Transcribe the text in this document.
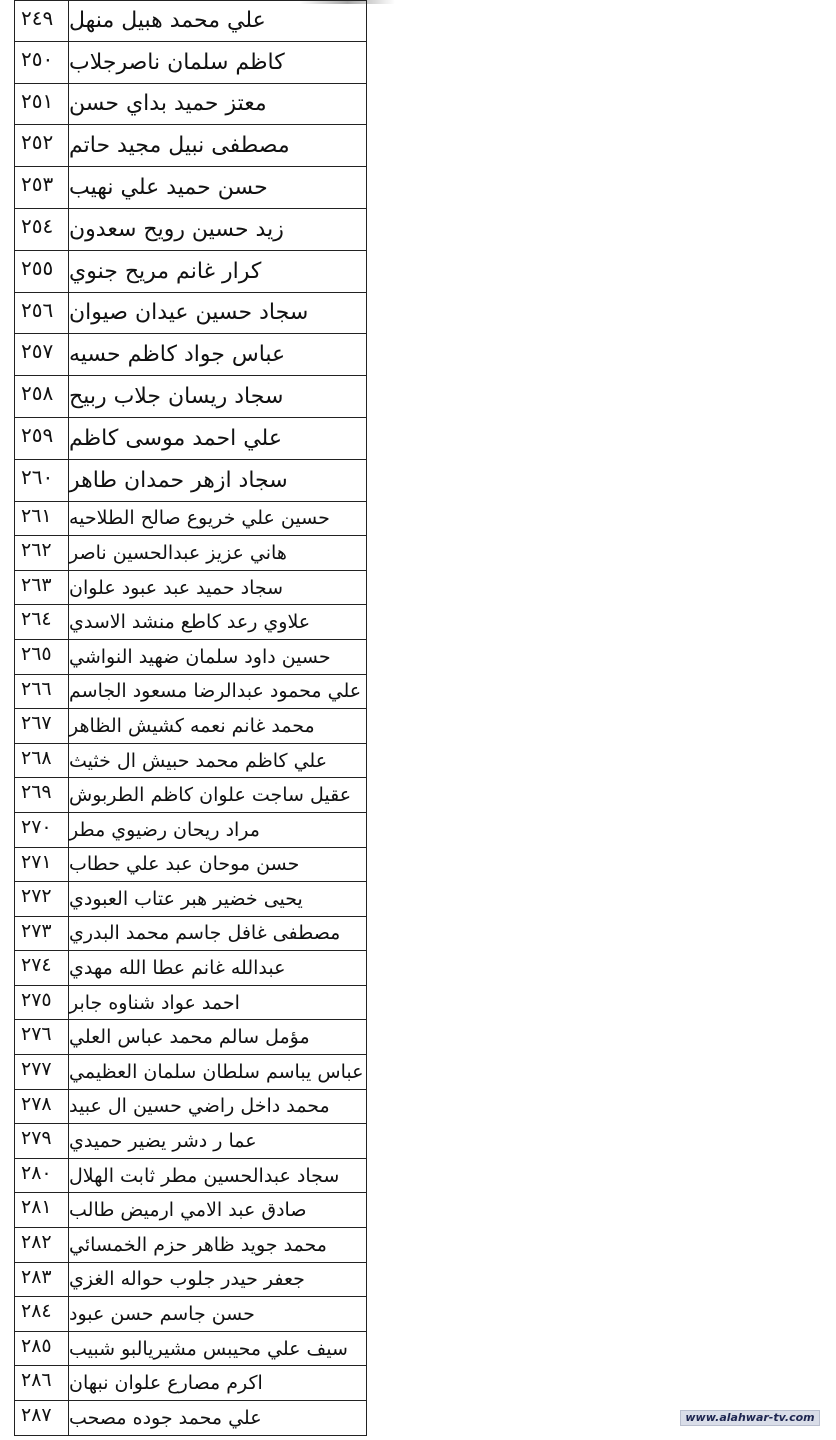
٢٤٩ علي محمد هبيل منهل
٢٥٠ كاظم سلمان ناصرجلاب
٢٥١ معتز حميد بداي حسن
٢٥٢ مصطفى نبيل مجيد حاتم
٢٥٣ حسن حميد علي نهيب
٢٥٤ زيد حسين رويح سعدون
٢٥٥ كرار غانم مريح جنوي
٢٥٦ سجاد حسين عيدان صيوان
٢٥٧ عباس جواد كاظم حسيه
٢٥٨ سجاد ريسان جلاب ربيح
٢٥٩ علي احمد موسى كاظم
٢٦٠ سجاد ازهر حمدان طاهر
٢٦١ حسين علي خريوع صالح الطلاحيه
٢٦٢ هاني عزيز عبدالحسين ناصر
٢٦٣ سجاد حميد عبد عبود علوان
٢٦٤ علاوي رعد كاطع منشد الاسدي
٢٦٥ حسين داود سلمان ضهيد النواشي
٢٦٦ علي محمود عبدالرضا مسعود الجاسم
٢٦٧ محمد غانم نعمه كشيش الظاهر
٢٦٨ علي كاظم محمد حبيش ال خثيث
٢٦٩ عقيل ساجت علوان كاظم الطربوش
٢٧٠ مراد ريحان رضيوي مطر
٢٧١ حسن موحان عبد علي حطاب
٢٧٢ يحيى خضير هبر عتاب العبودي
٢٧٣ مصطفى غافل جاسم محمد البدري
٢٧٤ عبدالله غانم عطا الله مهدي
٢٧٥ احمد عواد شناوه جابر
٢٧٦ مؤمل سالم محمد عباس العلي
٢٧٧ عباس يباسم سلطان سلمان العظيمي
٢٧٨ محمد داخل راضي حسين ال عبيد
٢٧٩ عما ر دشر يضير حميدي
٢٨٠ سجاد عبدالحسين مطر ثابت الهلال
٢٨١ صادق عبد الامي ارميض طالب
٢٨٢ محمد جويد ظاهر حزم الخمسائي
٢٨٣ جعفر حيدر جلوب حواله الغزي
٢٨٤ حسن جاسم حسن عبود
٢٨٥ سيف علي محيبس مشيريالبو شبيب
٢٨٦ اكرم مصارع علوان نبهان
٢٨٧ علي محمد جوده مصحب	www.alahwar-tv.com
